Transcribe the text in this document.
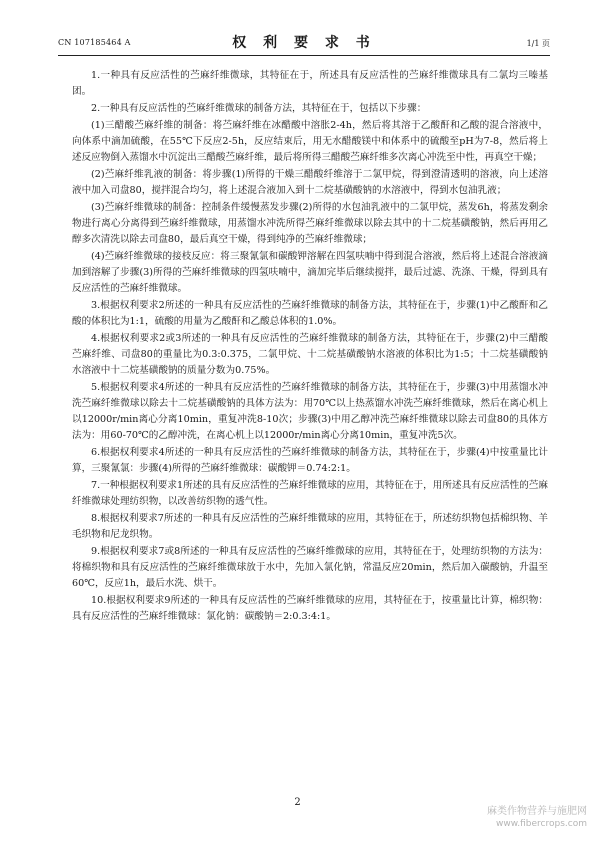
CN 107185464 A	权 利 要 求 书	1/1 页

1.一种具有反应活性的苎麻纤维微球，其特征在于，所述具有反应活性的苎麻纤维微球具有二氯均三嗪基团。

2.一种具有反应活性的苎麻纤维微球的制备方法，其特征在于，包括以下步骤：

(1)三醋酸苎麻纤维的制备：将苎麻纤维在冰醋酸中溶胀2-4h，然后将其溶于乙酸酐和乙酸的混合溶液中，向体系中滴加硫酸，在55℃下反应2-5h，反应结束后，用无水醋酸镁中和体系中的硫酸至pH为7-8，然后将上述反应物倒入蒸馏水中沉淀出三醋酸苎麻纤维，最后将所得三醋酸苎麻纤维多次离心冲洗至中性，再真空干燥；

(2)苎麻纤维乳液的制备：将步骤(1)所得的干燥三醋酸纤维溶于二氯甲烷，得到澄清透明的溶液，向上述溶液中加入司盘80，搅拌混合均匀，将上述混合液加入到十二烷基磺酸钠的水溶液中，得到水包油乳液；

(3)苎麻纤维微球的制备：控制条件缓慢蒸发步骤(2)所得的水包油乳液中的二氯甲烷，蒸发6h，将蒸发剩余物进行离心分离得到苎麻纤维微球，用蒸馏水冲洗所得苎麻纤维微球以除去其中的十二烷基磺酸钠，然后再用乙醇多次清洗以除去司盘80，最后真空干燥，得到纯净的苎麻纤维微球；

(4)苎麻纤维微球的接枝反应：将三聚氰氯和碳酸钾溶解在四氢呋喃中得到混合溶液，然后将上述混合溶液滴加到溶解了步骤(3)所得的苎麻纤维微球的四氢呋喃中，滴加完毕后继续搅拌，最后过滤、洗涤、干燥，得到具有反应活性的苎麻纤维微球。

3.根据权利要求2所述的一种具有反应活性的苎麻纤维微球的制备方法，其特征在于，步骤(1)中乙酸酐和乙酸的体积比为1:1，硫酸的用量为乙酸酐和乙酸总体积的1.0%。

4.根据权利要求2或3所述的一种具有反应活性的苎麻纤维微球的制备方法，其特征在于，步骤(2)中三醋酸苎麻纤维、司盘80的重量比为0.3:0.375，二氯甲烷、十二烷基磺酸钠水溶液的体积比为1:5；十二烷基磺酸钠水溶液中十二烷基磺酸钠的质量分数为0.75%。

5.根据权利要求4所述的一种具有反应活性的苎麻纤维微球的制备方法，其特征在于，步骤(3)中用蒸馏水冲洗苎麻纤维微球以除去十二烷基磺酸钠的具体方法为：用70℃以上热蒸馏水冲洗苎麻纤维微球，然后在离心机上以12000r/min离心分离10min，重复冲洗8-10次；步骤(3)中用乙醇冲洗苎麻纤维微球以除去司盘80的具体方法为：用60-70℃的乙醇冲洗，在离心机上以12000r/min离心分离10min，重复冲洗5次。

6.根据权利要求4所述的一种具有反应活性的苎麻纤维微球的制备方法，其特征在于，步骤(4)中按重量比计算，三聚氰氯：步骤(4)所得的苎麻纤维微球：碳酸钾＝0.74:2:1。

7.一种根据权利要求1所述的具有反应活性的苎麻纤维微球的应用，其特征在于，用所述具有反应活性的苎麻纤维微球处理纺织物，以改善纺织物的透气性。

8.根据权利要求7所述的一种具有反应活性的苎麻纤维微球的应用，其特征在于，所述纺织物包括棉织物、羊毛织物和尼龙织物。

9.根据权利要求7或8所述的一种具有反应活性的苎麻纤维微球的应用，其特征在于，处理纺织物的方法为：将棉织物和具有反应活性的苎麻纤维微球放于水中，先加入氯化钠，常温反应20min，然后加入碳酸钠，升温至60℃，反应1h，最后水洗、烘干。

10.根据权利要求9所述的一种具有反应活性的苎麻纤维微球的应用，其特征在于，按重量比计算，棉织物：具有反应活性的苎麻纤维微球：氯化钠：碳酸钠＝2:0.3:4:1。

2
麻类作物营养与施肥网
www.fibercrops.com
